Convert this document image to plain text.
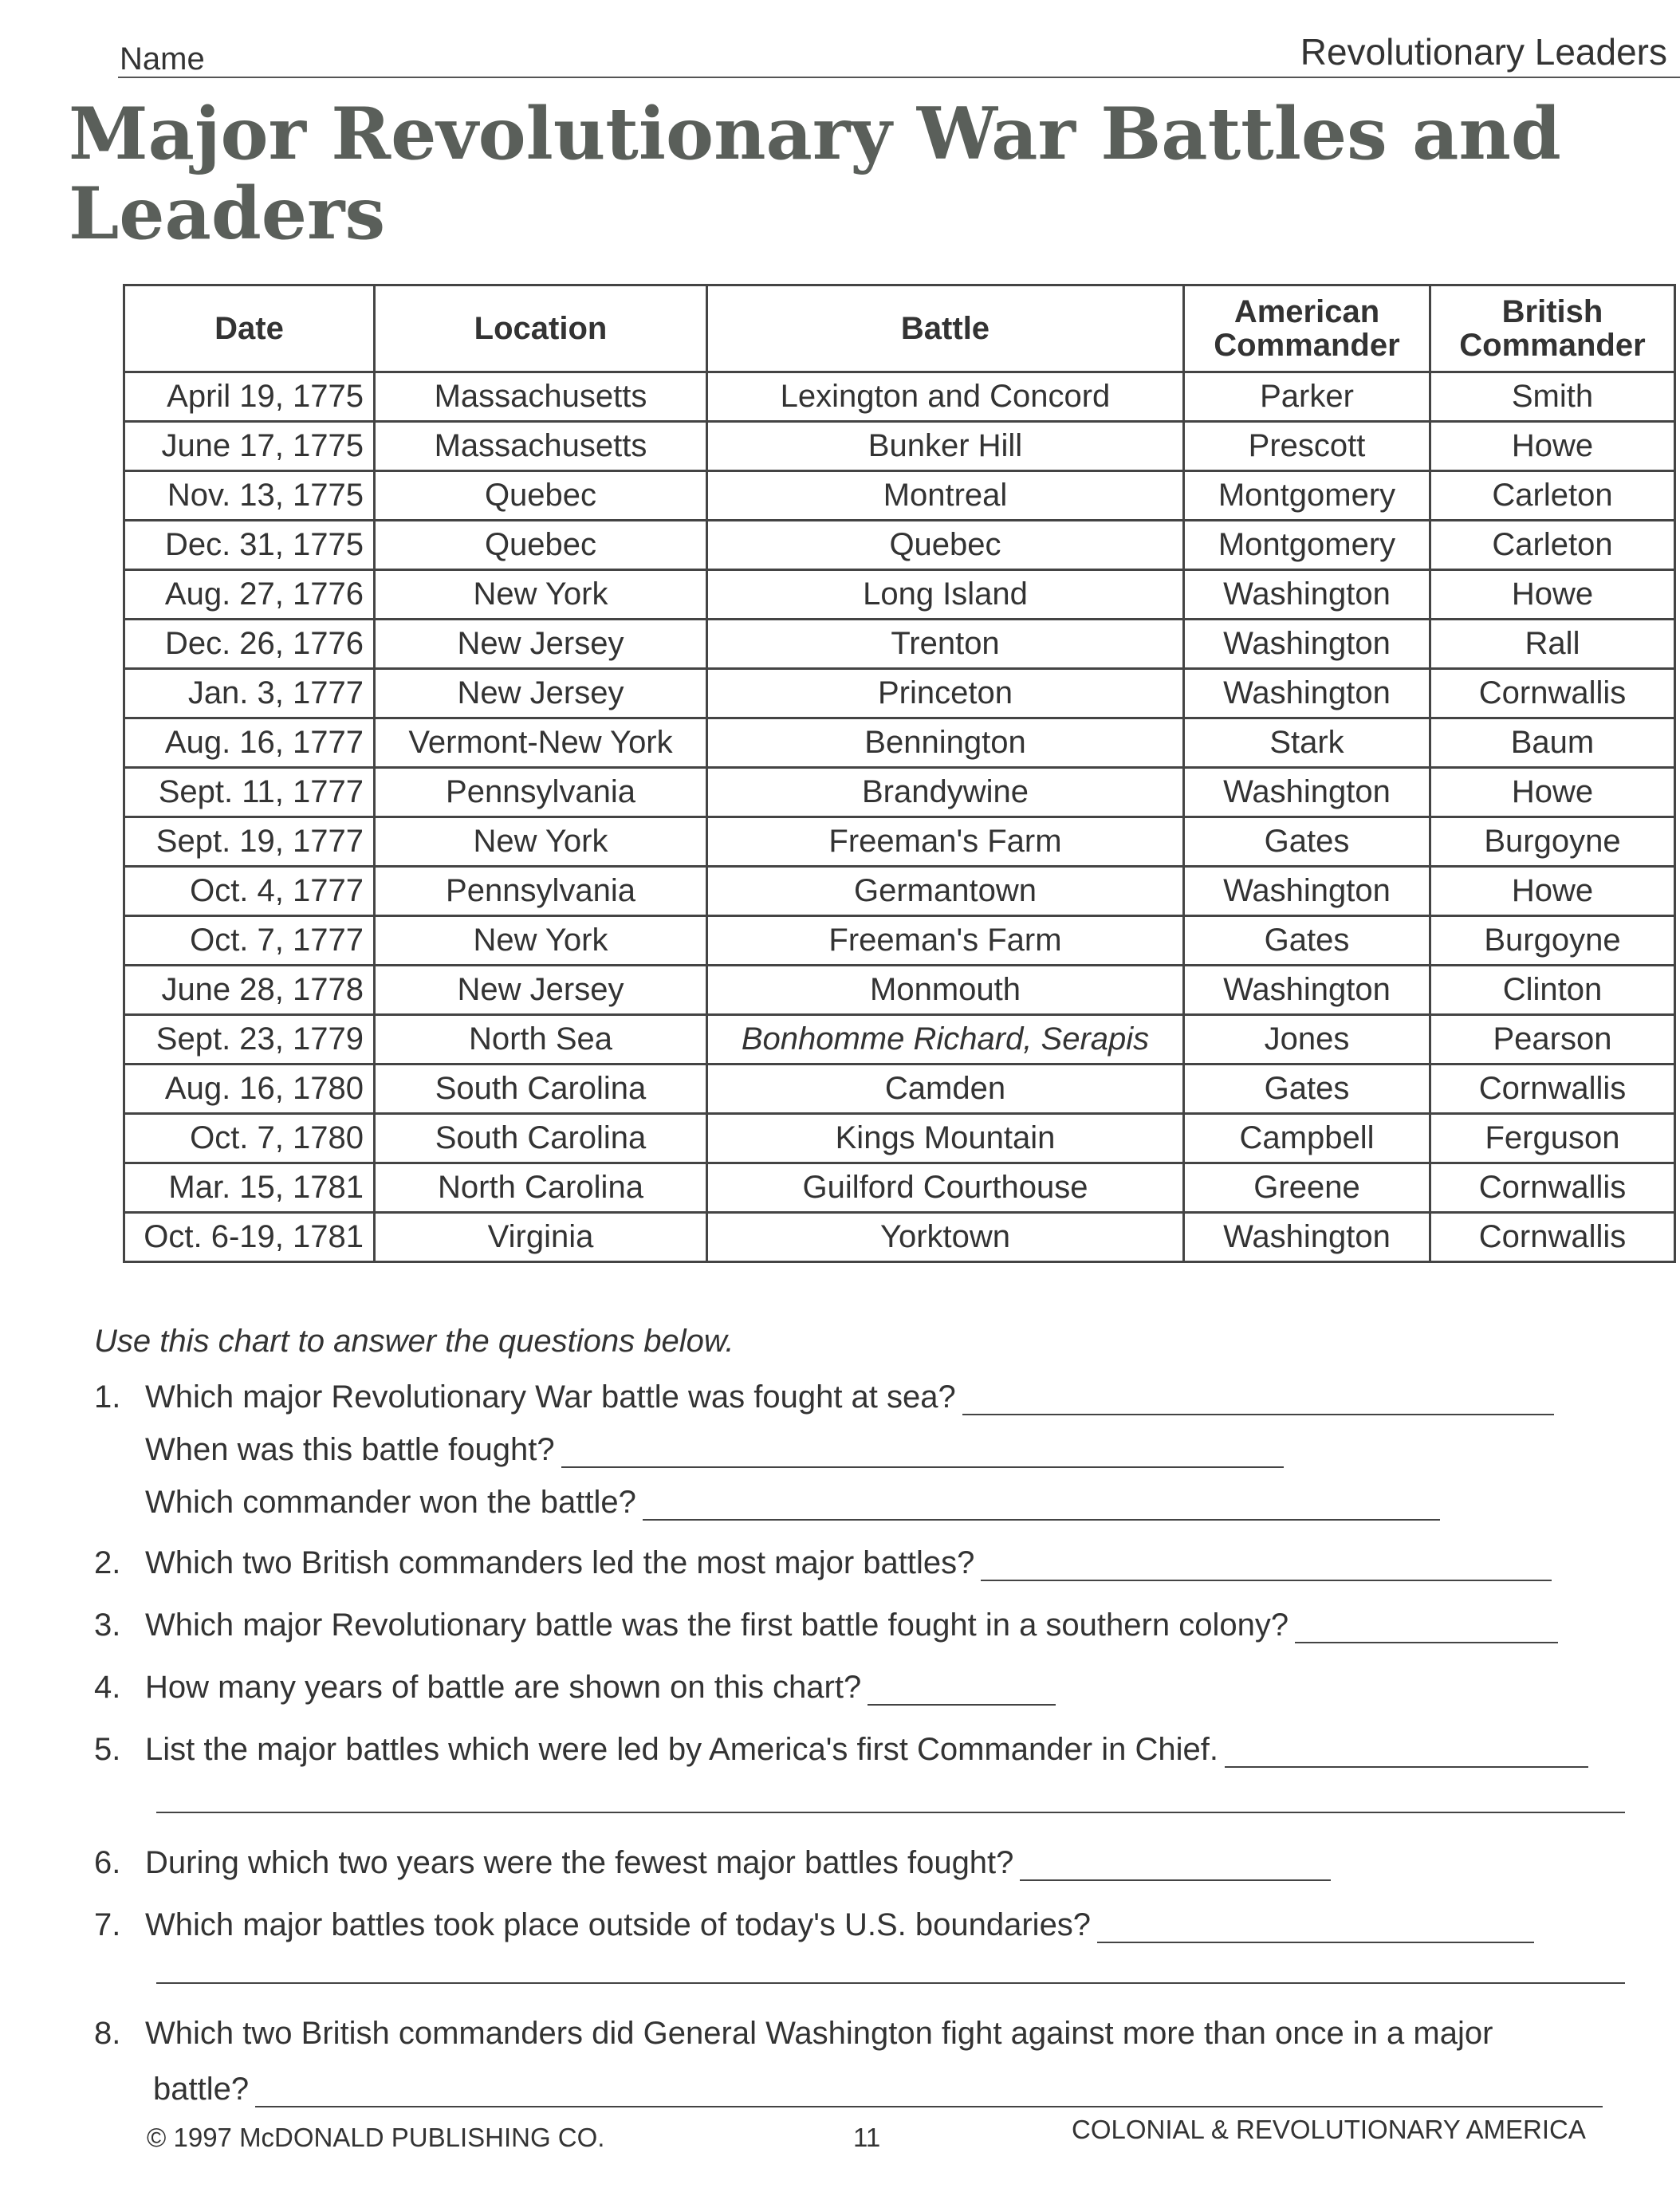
Name	Revolutionary Leaders
Major Revolutionary War Battles and Leaders
Date	Location	Battle	American Commander	British Commander
April 19, 1775	Massachusetts	Lexington and Concord	Parker	Smith
June 17, 1775	Massachusetts	Bunker Hill	Prescott	Howe
Nov. 13, 1775	Quebec	Montreal	Montgomery	Carleton
Dec. 31, 1775	Quebec	Quebec	Montgomery	Carleton
Aug. 27, 1776	New York	Long Island	Washington	Howe
Dec. 26, 1776	New Jersey	Trenton	Washington	Rall
Jan. 3, 1777	New Jersey	Princeton	Washington	Cornwallis
Aug. 16, 1777	Vermont-New York	Bennington	Stark	Baum
Sept. 11, 1777	Pennsylvania	Brandywine	Washington	Howe
Sept. 19, 1777	New York	Freeman's Farm	Gates	Burgoyne
Oct. 4, 1777	Pennsylvania	Germantown	Washington	Howe
Oct. 7, 1777	New York	Freeman's Farm	Gates	Burgoyne
June 28, 1778	New Jersey	Monmouth	Washington	Clinton
Sept. 23, 1779	North Sea	Bonhomme Richard, Serapis	Jones	Pearson
Aug. 16, 1780	South Carolina	Camden	Gates	Cornwallis
Oct. 7, 1780	South Carolina	Kings Mountain	Campbell	Ferguson
Mar. 15, 1781	North Carolina	Guilford Courthouse	Greene	Cornwallis
Oct. 6-19, 1781	Virginia	Yorktown	Washington	Cornwallis
Use this chart to answer the questions below.
1. Which major Revolutionary War battle was fought at sea?
When was this battle fought?
Which commander won the battle?
2. Which two British commanders led the most major battles?
3. Which major Revolutionary battle was the first battle fought in a southern colony?
4. How many years of battle are shown on this chart?
5. List the major battles which were led by America's first Commander in Chief.
6. During which two years were the fewest major battles fought?
7. Which major battles took place outside of today's U.S. boundaries?
8. Which two British commanders did General Washington fight against more than once in a major
battle?
© 1997 McDONALD PUBLISHING CO.	11	COLONIAL & REVOLUTIONARY AMERICA
